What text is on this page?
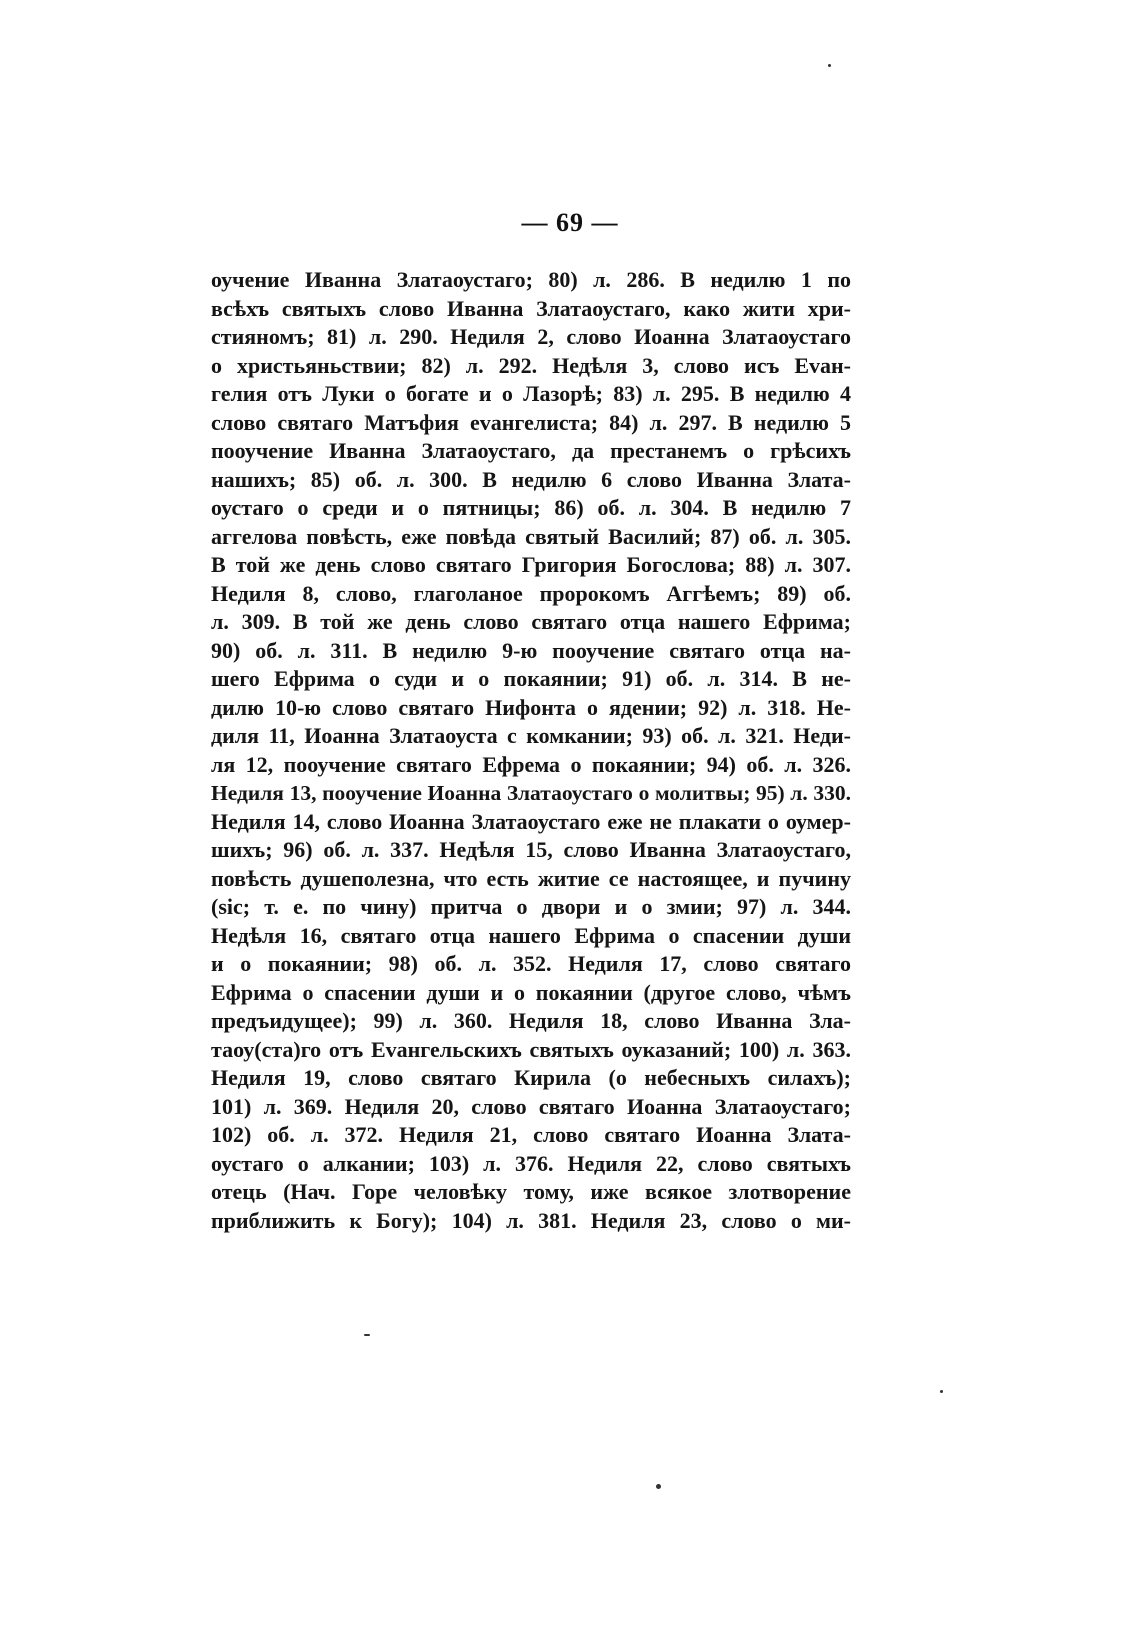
— 69 —
оучение Иванна Златаоустаго; 80) л. 286. В недилю 1 по
всѣхъ святыхъ слово Иванна Златаоустаго, како жити хри-
стияномъ; 81) л. 290. Недиля 2, слово Иоанна Златаоустаго
о христьяньствии; 82) л. 292. Недѣля 3, слово исъ Еvан-
гелия отъ Луки о богате и о Лазорѣ; 83) л. 295. В недилю 4
слово святаго Матъфия еvангелиста; 84) л. 297. В недилю 5
пооучение Иванна Златаоустаго, да престанемъ о грѣсихъ
нашихъ; 85) об. л. 300. В недилю 6 слово Иванна Злата-
оустаго о среди и о пятницы; 86) об. л. 304. В недилю 7
аггелова повѣсть, еже повѣда святый Василий; 87) об. л. 305.
В той же день слово святаго Григория Богослова; 88) л. 307.
Недиля 8, слово, глаголаное пророкомъ Аггѣемъ; 89) об.
л. 309. В той же день слово святаго отца нашего Ефрима;
90) об. л. 311. В недилю 9-ю пооучение святаго отца на-
шего Ефрима о суди и о покаянии; 91) об. л. 314. В не-
дилю 10-ю слово святаго Нифонта о ядении; 92) л. 318. Не-
диля 11, Иоанна Златаоуста с комкании; 93) об. л. 321. Неди-
ля 12, пооучение святаго Ефрема о покаянии; 94) об. л. 326.
Недиля 13, пооучение Иоанна Златаоустаго о молитвы; 95) л. 330.
Недиля 14, слово Иоанна Златаоустаго еже не плакати о оумер-
шихъ; 96) об. л. 337. Недѣля 15, слово Иванна Златаоустаго,
повѣсть душеполезна, что есть житие се настоящее, и пучину
(sic; т. е. по чину) притча о двори и о змии; 97) л. 344.
Недѣля 16, святаго отца нашего Ефрима о спасении души
и о покаянии; 98) об. л. 352. Недиля 17, слово святаго
Ефрима о спасении души и о покаянии (другое слово, чѣмъ
предъидущее); 99) л. 360. Недиля 18, слово Иванна Зла-
таоу(ста)го отъ Еvангельскихъ святыхъ оуказаний; 100) л. 363.
Недиля 19, слово святаго Кирила (о небесныхъ силахъ);
101) л. 369. Недиля 20, слово святаго Иоанна Златаоустаго;
102) об. л. 372. Недиля 21, слово святаго Иоанна Злата-
оустаго о алкании; 103) л. 376. Недиля 22, слово святыхъ
отець (Нач. Горе человѣку тому, иже всякое злотворение
приближить к Богу); 104) л. 381. Недиля 23, слово о ми-
